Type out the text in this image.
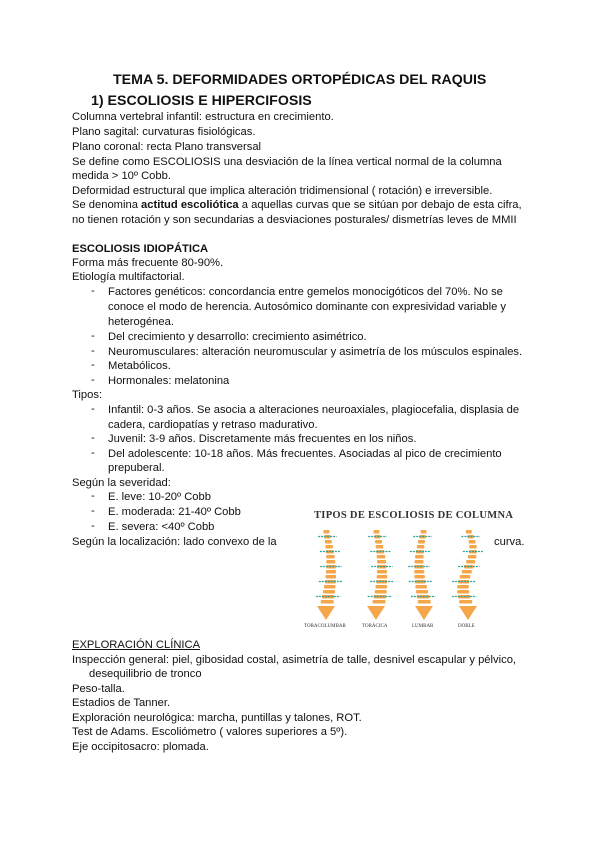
TEMA 5. DEFORMIDADES ORTOPÉDICAS DEL RAQUIS
1) ESCOLIOSIS E HIPERCIFOSIS
Columna vertebral infantil: estructura en crecimiento.
Plano sagital: curvaturas fisiológicas.
Plano coronal: recta Plano transversal
Se define como ESCOLIOSIS una desviación de la línea vertical normal de la columna
medida > 10º Cobb.
Deformidad estructural que implica alteración tridimensional ( rotación) e irreversible.
Se denomina actitud escoliótica a aquellas curvas que se sitúan por debajo de esta cifra,
no tienen rotación y son secundarias a desviaciones posturales/ dismetrías leves de MMII
ESCOLIOSIS IDIOPÁTICA
Forma más frecuente 80-90%.
Etiología multifactorial.
- Factores genéticos: concordancia entre gemelos monocigóticos del 70%. No se
conoce el modo de herencia. Autosómico dominante con expresividad variable y
heterogénea.
- Del crecimiento y desarrollo: crecimiento asimétrico.
- Neuromusculares: alteración neuromuscular y asimetría de los músculos espinales.
- Metabólicos.
- Hormonales: melatonina
Tipos:
- Infantil: 0-3 años. Se asocia a alteraciones neuroaxiales, plagiocefalia, displasia de
cadera, cardiopatías y retraso madurativo.
- Juvenil: 3-9 años. Discretamente más frecuentes en los niños.
- Del adolescente: 10-18 años. Más frecuentes. Asociadas al pico de crecimiento
prepuberal.
Según la severidad:
- E. leve: 10-20º Cobb
- E. moderada: 21-40º Cobb
- E. severa: <40º Cobb
Según la localización: lado convexo de la	curva.
TIPOS DE ESCOLIOSIS DE COLUMNA
TORACOLUMBAR	TORÁCICA	LUMBAR	DOBLE
EXPLORACIÓN CLÍNICA
Inspección general: piel, gibosidad costal, asimetría de talle, desnivel escapular y pélvico,
desequilibrio de tronco
Peso-talla.
Estadios de Tanner.
Exploración neurológica: marcha, puntillas y talones, ROT.
Test de Adams. Escoliómetro ( valores superiores a 5º).
Eje occipitosacro: plomada.
